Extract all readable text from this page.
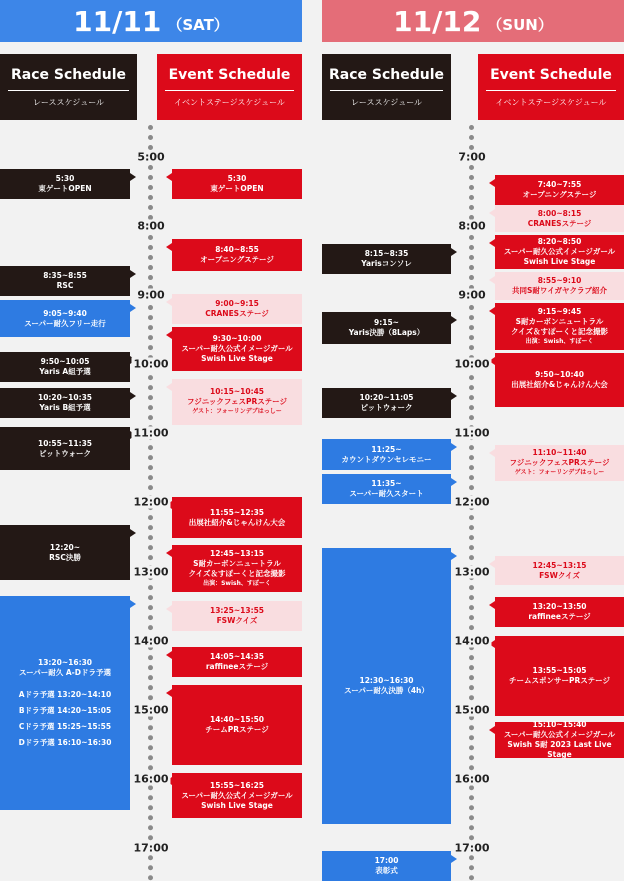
11/11 （SAT）	11/12 （SUN）
Race Schedule
レーススケジュール
Event Schedule
イベントステージスケジュール
Race Schedule
レーススケジュール
Event Schedule
イベントステージスケジュール
5:30
東ゲートOPEN
8:35~8:55
RSC
9:05~9:40
スーパー耐久フリー走行
9:50~10:05
Yaris A組予選
10:20~10:35
Yaris B組予選
10:55~11:35
ピットウォーク
12:20~
RSC決勝
13:20~16:30
スーパー耐久 A-Dドラ予選
Aドラ予選 13:20~14:10
Bドラ予選 14:20~15:05
Cドラ予選 15:25~15:55
Dドラ予選 16:10~16:30
5:30
東ゲートOPEN
8:40~8:55
オープニングステージ
9:00~9:15
CRANESステージ
9:30~10:00
スーパー耐久公式イメージガール
Swish Live Stage
10:15~10:45
フジニックフェスPRステージ
ゲスト：フォーリンデブはっしー
11:55~12:35
出展社紹介&じゃんけん大会
12:45~13:15
S耐カーボンニュートラル
クイズ＆すぽーくと記念撮影
出演：Swish、すぽーく
13:25~13:55
FSWクイズ
14:05~14:35
raffineeステージ
14:40~15:50
チームPRステージ
15:55~16:25
スーパー耐久公式イメージガール
Swish Live Stage
8:15~8:35
Yarisコンソレ
9:15~
Yaris決勝（8Laps）
10:20~11:05
ピットウォーク
11:25~
カウントダウンセレモニー
11:35~
スーパー耐久スタート
12:30~16:30
スーパー耐久決勝（4h）
17:00
表彰式
7:40~7:55
オープニングステージ
8:00~8:15
CRANESステージ
8:20~8:50
スーパー耐久公式イメージガール
Swish Live Stage
8:55~9:10
共同S耐ワイガヤクラブ紹介
9:15~9:45
S耐カーボンニュートラル
クイズ＆すぽーくと記念撮影
出演：Swish、すぽーく
9:50~10:40
出展社紹介&じゃんけん大会
11:10~11:40
フジニックフェスPRステージ
ゲスト：フォーリンデブはっしー
12:45~13:15
FSWクイズ
13:20~13:50
raffineeステージ
13:55~15:05
チームスポンサーPRステージ
15:10~15:40
スーパー耐久公式イメージガール
Swish S耐 2023 Last Live Stage
5:00
8:00
9:00
10:00
11:00
12:00
13:00
14:00
15:00
16:00
17:00
7:00
8:00
9:00
10:00
11:00
12:00
13:00
14:00
15:00
16:00
17:00
